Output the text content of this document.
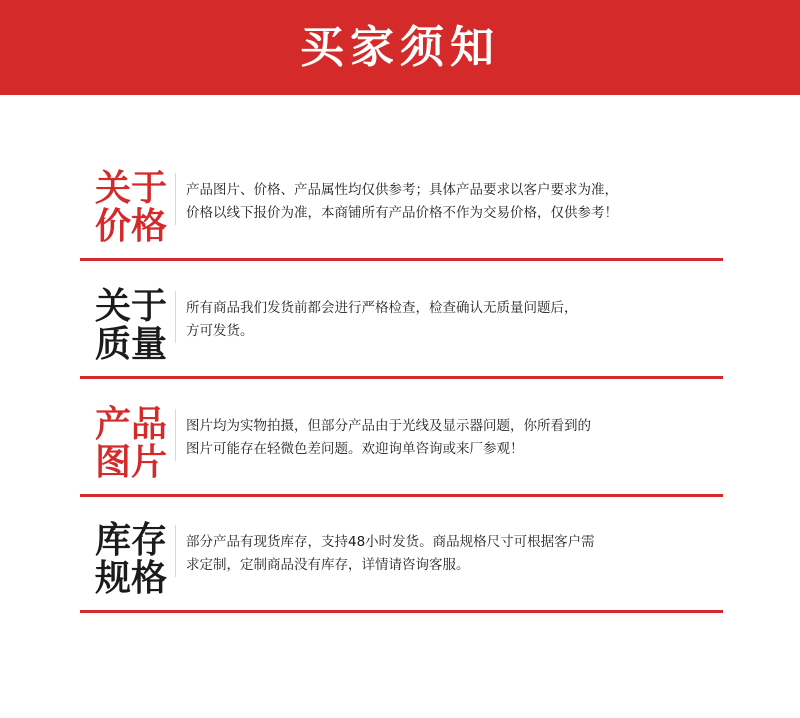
买家须知
关于
价格
产品图片、价格、产品属性均仅供参考；具体产品要求以客户要求为准，
价格以线下报价为准，本商铺所有产品价格不作为交易价格，仅供参考！
关于
质量
所有商品我们发货前都会进行严格检查，检查确认无质量问题后，
方可发货。
产品
图片
图片均为实物拍摄，但部分产品由于光线及显示器问题，你所看到的
图片可能存在轻微色差问题。欢迎询单咨询或来厂参观！
库存
规格
部分产品有现货库存，支持48小时发货。商品规格尺寸可根据客户需
求定制，定制商品没有库存，详情请咨询客服。
